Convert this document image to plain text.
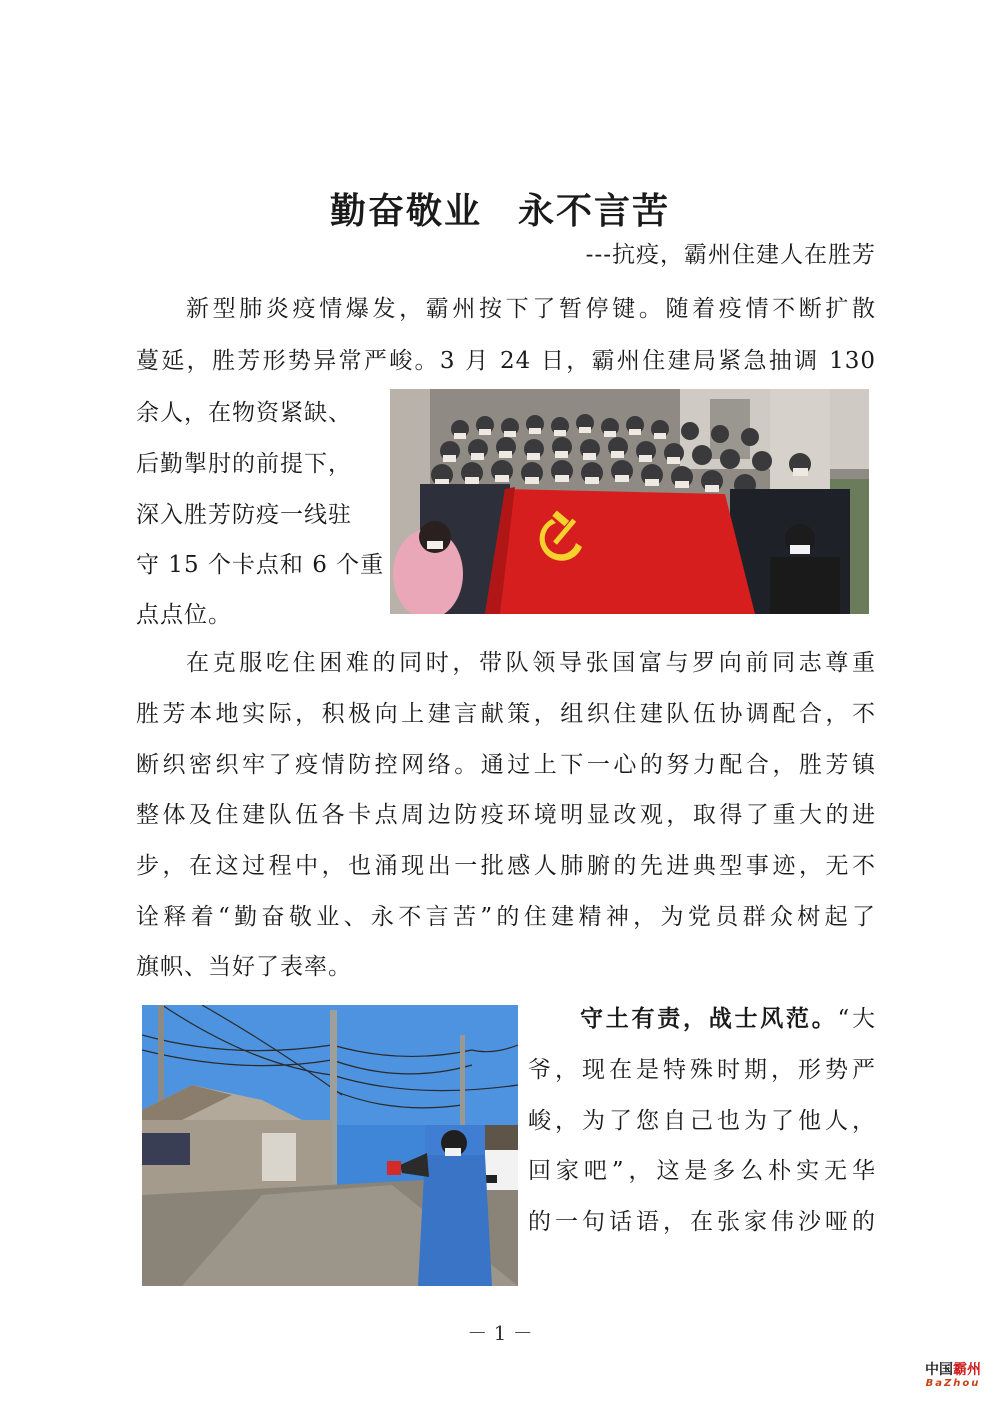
勤奋敬业 永不言苦
---抗疫，霸州住建人在胜芳
新型肺炎疫情爆发，霸州按下了暂停键。随着疫情不断扩散
蔓延，胜芳形势异常严峻。3 月 24 日，霸州住建局紧急抽调 130
余人，在物资紧缺、
后勤掣肘的前提下，
深入胜芳防疫一线驻
守 15 个卡点和 6 个重
点点位。
在克服吃住困难的同时，带队领导张国富与罗向前同志尊重
胜芳本地实际，积极向上建言献策，组织住建队伍协调配合，不
断织密织牢了疫情防控网络。通过上下一心的努力配合，胜芳镇
整体及住建队伍各卡点周边防疫环境明显改观，取得了重大的进
步，在这过程中，也涌现出一批感人肺腑的先进典型事迹，无不
诠释着“勤奋敬业、永不言苦”的住建精神，为党员群众树起了
旗帜、当好了表率。
守土有责，战士风范。“大
爷，现在是特殊时期，形势严
峻，为了您自己也为了他人，
回家吧”，这是多么朴实无华
的一句话语，在张家伟沙哑的
－ 1 －
中国霸州
BaZhou
